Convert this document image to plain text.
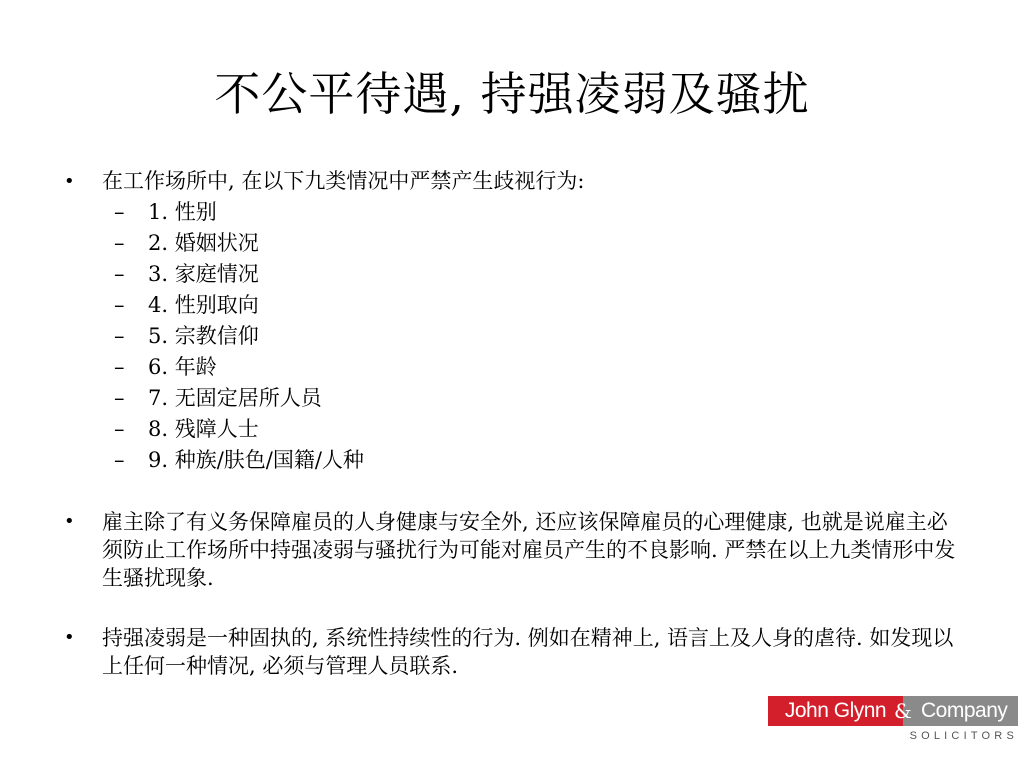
不公平待遇, 持强凌弱及骚扰
• 在工作场所中, 在以下九类情况中严禁产生歧视行为:
– 1. 性别
– 2. 婚姻状况
– 3. 家庭情况
– 4. 性别取向
– 5. 宗教信仰
– 6. 年龄
– 7. 无固定居所人员
– 8. 残障人士
– 9. 种族/肤色/国籍/人种
• 雇主除了有义务保障雇员的人身健康与安全外, 还应该保障雇员的心理健康, 也就是说雇主必须防止工作场所中持强凌弱与骚扰行为可能对雇员产生的不良影响. 严禁在以上九类情形中发生骚扰现象.
• 持强凌弱是一种固执的, 系统性持续性的行为. 例如在精神上, 语言上及人身的虐待. 如发现以上任何一种情况, 必须与管理人员联系.
John Glynn & Company
SOLICITORS
